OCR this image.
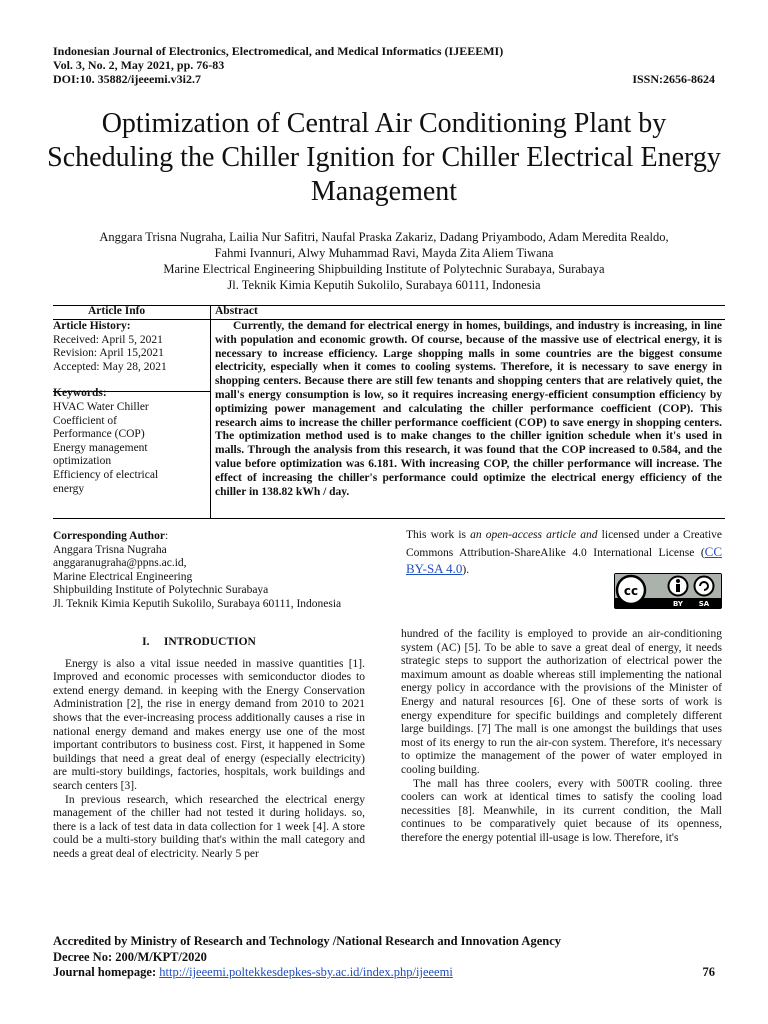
Indonesian Journal of Electronics, Electromedical, and Medical Informatics (IJEEEMI)
Vol. 3, No. 2, May 2021, pp. 76-83
DOI:10. 35882/ijeeemi.v3i2.7	ISSN:2656-8624
Optimization of Central Air Conditioning Plant by Scheduling the Chiller Ignition for Chiller Electrical Energy Management
Anggara Trisna Nugraha, Lailia Nur Safitri, Naufal Praska Zakariz, Dadang Priyambodo, Adam Meredita Realdo,
Fahmi Ivannuri, Alwy Muhammad Ravi, Mayda Zita Aliem Tiwana
Marine Electrical Engineering Shipbuilding Institute of Polytechnic Surabaya, Surabaya
Jl. Teknik Kimia Keputih Sukolilo, Surabaya 60111, Indonesia
Article Info	Abstract
Article History:
Received: April 5, 2021
Revision: April 15,2021
Accepted: May 28, 2021
Keywords:
HVAC Water Chiller
Coefficient of
Performance (COP)
Energy management
optimization
Efficiency of electrical
energy
Currently, the demand for electrical energy in homes, buildings, and industry is increasing, in line with population and economic growth. Of course, because of the massive use of electrical energy, it is necessary to increase efficiency. Large shopping malls in some countries are the biggest consume electricity, especially when it comes to cooling systems. Therefore, it is necessary to save energy in shopping centers. Because there are still few tenants and shopping centers that are relatively quiet, the mall's energy consumption is low, so it requires increasing energy-efficient consumption efficiency by optimizing power management and calculating the chiller performance coefficient (COP). This research aims to increase the chiller performance coefficient (COP) to save energy in shopping centers. The optimization method used is to make changes to the chiller ignition schedule when it's used in malls. Through the analysis from this research, it was found that the COP increased to 0.584, and the value before optimization was 6.181. With increasing COP, the chiller performance will increase. The effect of increasing the chiller's performance could optimize the electrical energy efficiency of the chiller in 138.82 kWh / day.
Corresponding Author:
Anggara Trisna Nugraha
anggaranugraha@ppns.ac.id,
Marine Electrical Engineering
Shipbuilding Institute of Polytechnic Surabaya
Jl. Teknik Kimia Keputih Sukolilo, Surabaya 60111, Indonesia
This work is an open-access article and licensed under a Creative Commons Attribution-ShareAlike 4.0 International License (CC BY-SA 4.0).
cc
BY SA

I.     INTRODUCTION

Energy is also a vital issue needed in massive quantities [1]. Improved and economic processes with semiconductor diodes to extend energy demand. in keeping with the Energy Conservation Administration [2], the rise in energy demand from 2010 to 2021 shows that the ever-increasing process additionally causes a rise in national energy demand and makes energy use one of the most important contributors to business cost. First, it happened in Some buildings that need a great deal of energy (especially electricity) are multi-story buildings, factories, hospitals, work buildings and search centers [3].

In previous research, which researched the electrical energy management of the chiller had not tested it during holidays. so, there is a lack of test data in data collection for 1 week [4]. A store could be a multi-story building that's within the mall category and needs a great deal of electricity. Nearly 5 per

hundred of the facility is employed to provide an air-conditioning system (AC) [5]. To be able to save a great deal of energy, it needs strategic steps to support the authorization of electrical power the maximum amount as doable whereas still implementing the national energy policy in accordance with the provisions of the Minister of Energy and natural resources [6]. One of these sorts of work is energy expenditure for specific buildings and completely different large buildings. [7] The mall is one amongst the buildings that uses most of its energy to run the air-con system. Therefore, it's necessary to optimize the management of the power of water employed in cooling building.

The mall has three coolers, every with 500TR cooling. three coolers can work at identical times to satisfy the cooling load necessities [8]. Meanwhile, in its current condition, the Mall continues to be comparatively quiet because of its openness, therefore the energy potential ill-usage is low. Therefore, it's

Accredited by Ministry of Research and Technology /National Research and Innovation Agency
Decree No: 200/M/KPT/2020
Journal homepage: http://ijeeemi.poltekkesdepkes-sby.ac.id/index.php/ijeeemi	76
